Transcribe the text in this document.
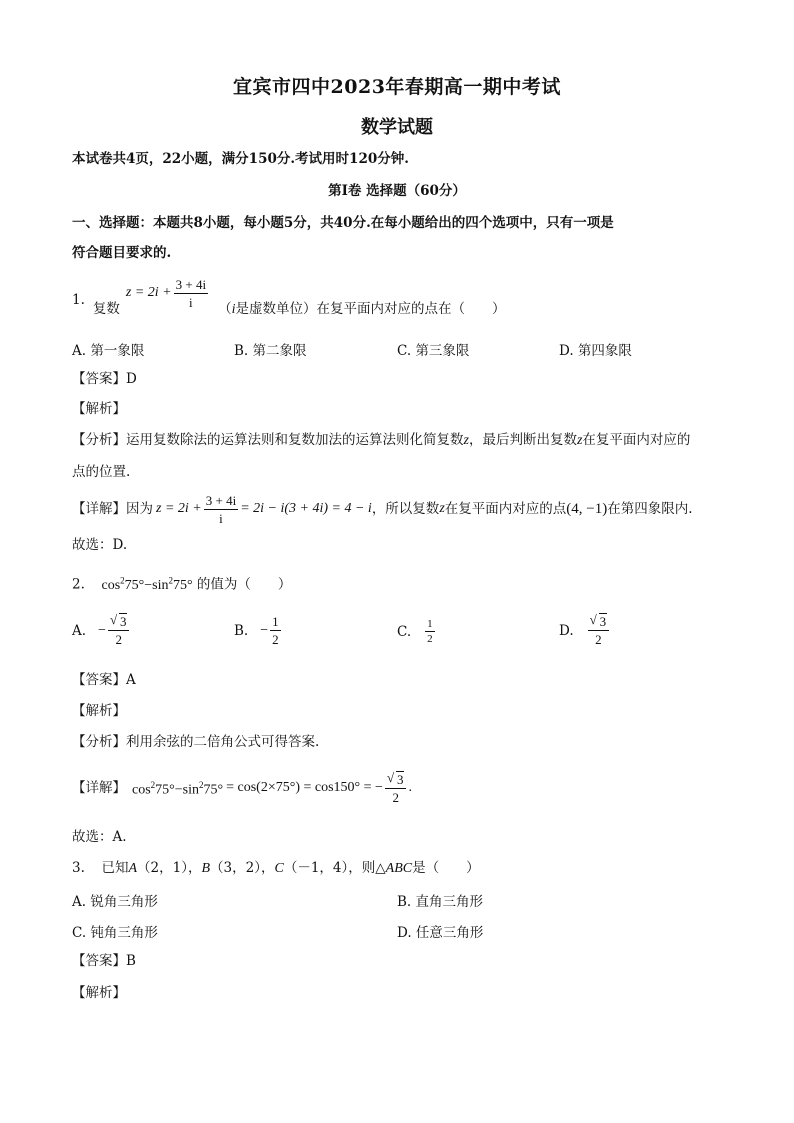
宜宾市四中2023年春期高一期中考试
数学试题
本试卷共4页，22小题，满分150分.考试用时120分钟.
第Ⅰ卷 选择题（60分）
一、选择题：本题共8小题，每小题5分，共40分.在每小题给出的四个选项中，只有一项是
符合题目要求的.
1.
复数
$z = 2i + \frac{3 + 4i}{i} (i$是虚数单位）在复平面内对应的点在（　　）
A. 第一象限	B. 第二象限	C. 第三象限	D. 第四象限
【答案】D
【解析】
【分析】运用复数除法的运算法则和复数加法的运算法则化简复数z，最后判断出复数z在复平面内对应的
点的位置.
【详解】 因为 $z = 2i + \frac{3 + 4i}{i} = 2i - i(3 + 4i) = 4 - i$ ，所以复数 z 在复平面内对应的点 (4, −1) 在第四象限内.
故选：D.
2. $\cos^275^\circ-\sin^275^\circ$ 的值为（　　）
A. − √ $\frac{3}{2}$	B. − $\frac{1}{2}$	C. $\frac{1}{2}$	D. √ $\frac{3}{2}$
【答案】A
【解析】
【分析】利用余弦的二倍角公式可得答案.
【详解】 $\cos^275^\circ-\sin^275^\circ = \cos(2\times 75^\circ) = \cos 150^\circ$ = − √ $\frac{3}{2}$ .
故选：A.
3. 已知A（2，1），B（3，2），C（－1，4），则△ABC是（　　）
A. 锐角三角形	B. 直角三角形
C. 钝角三角形	D. 任意三角形
【答案】B
【解析】
